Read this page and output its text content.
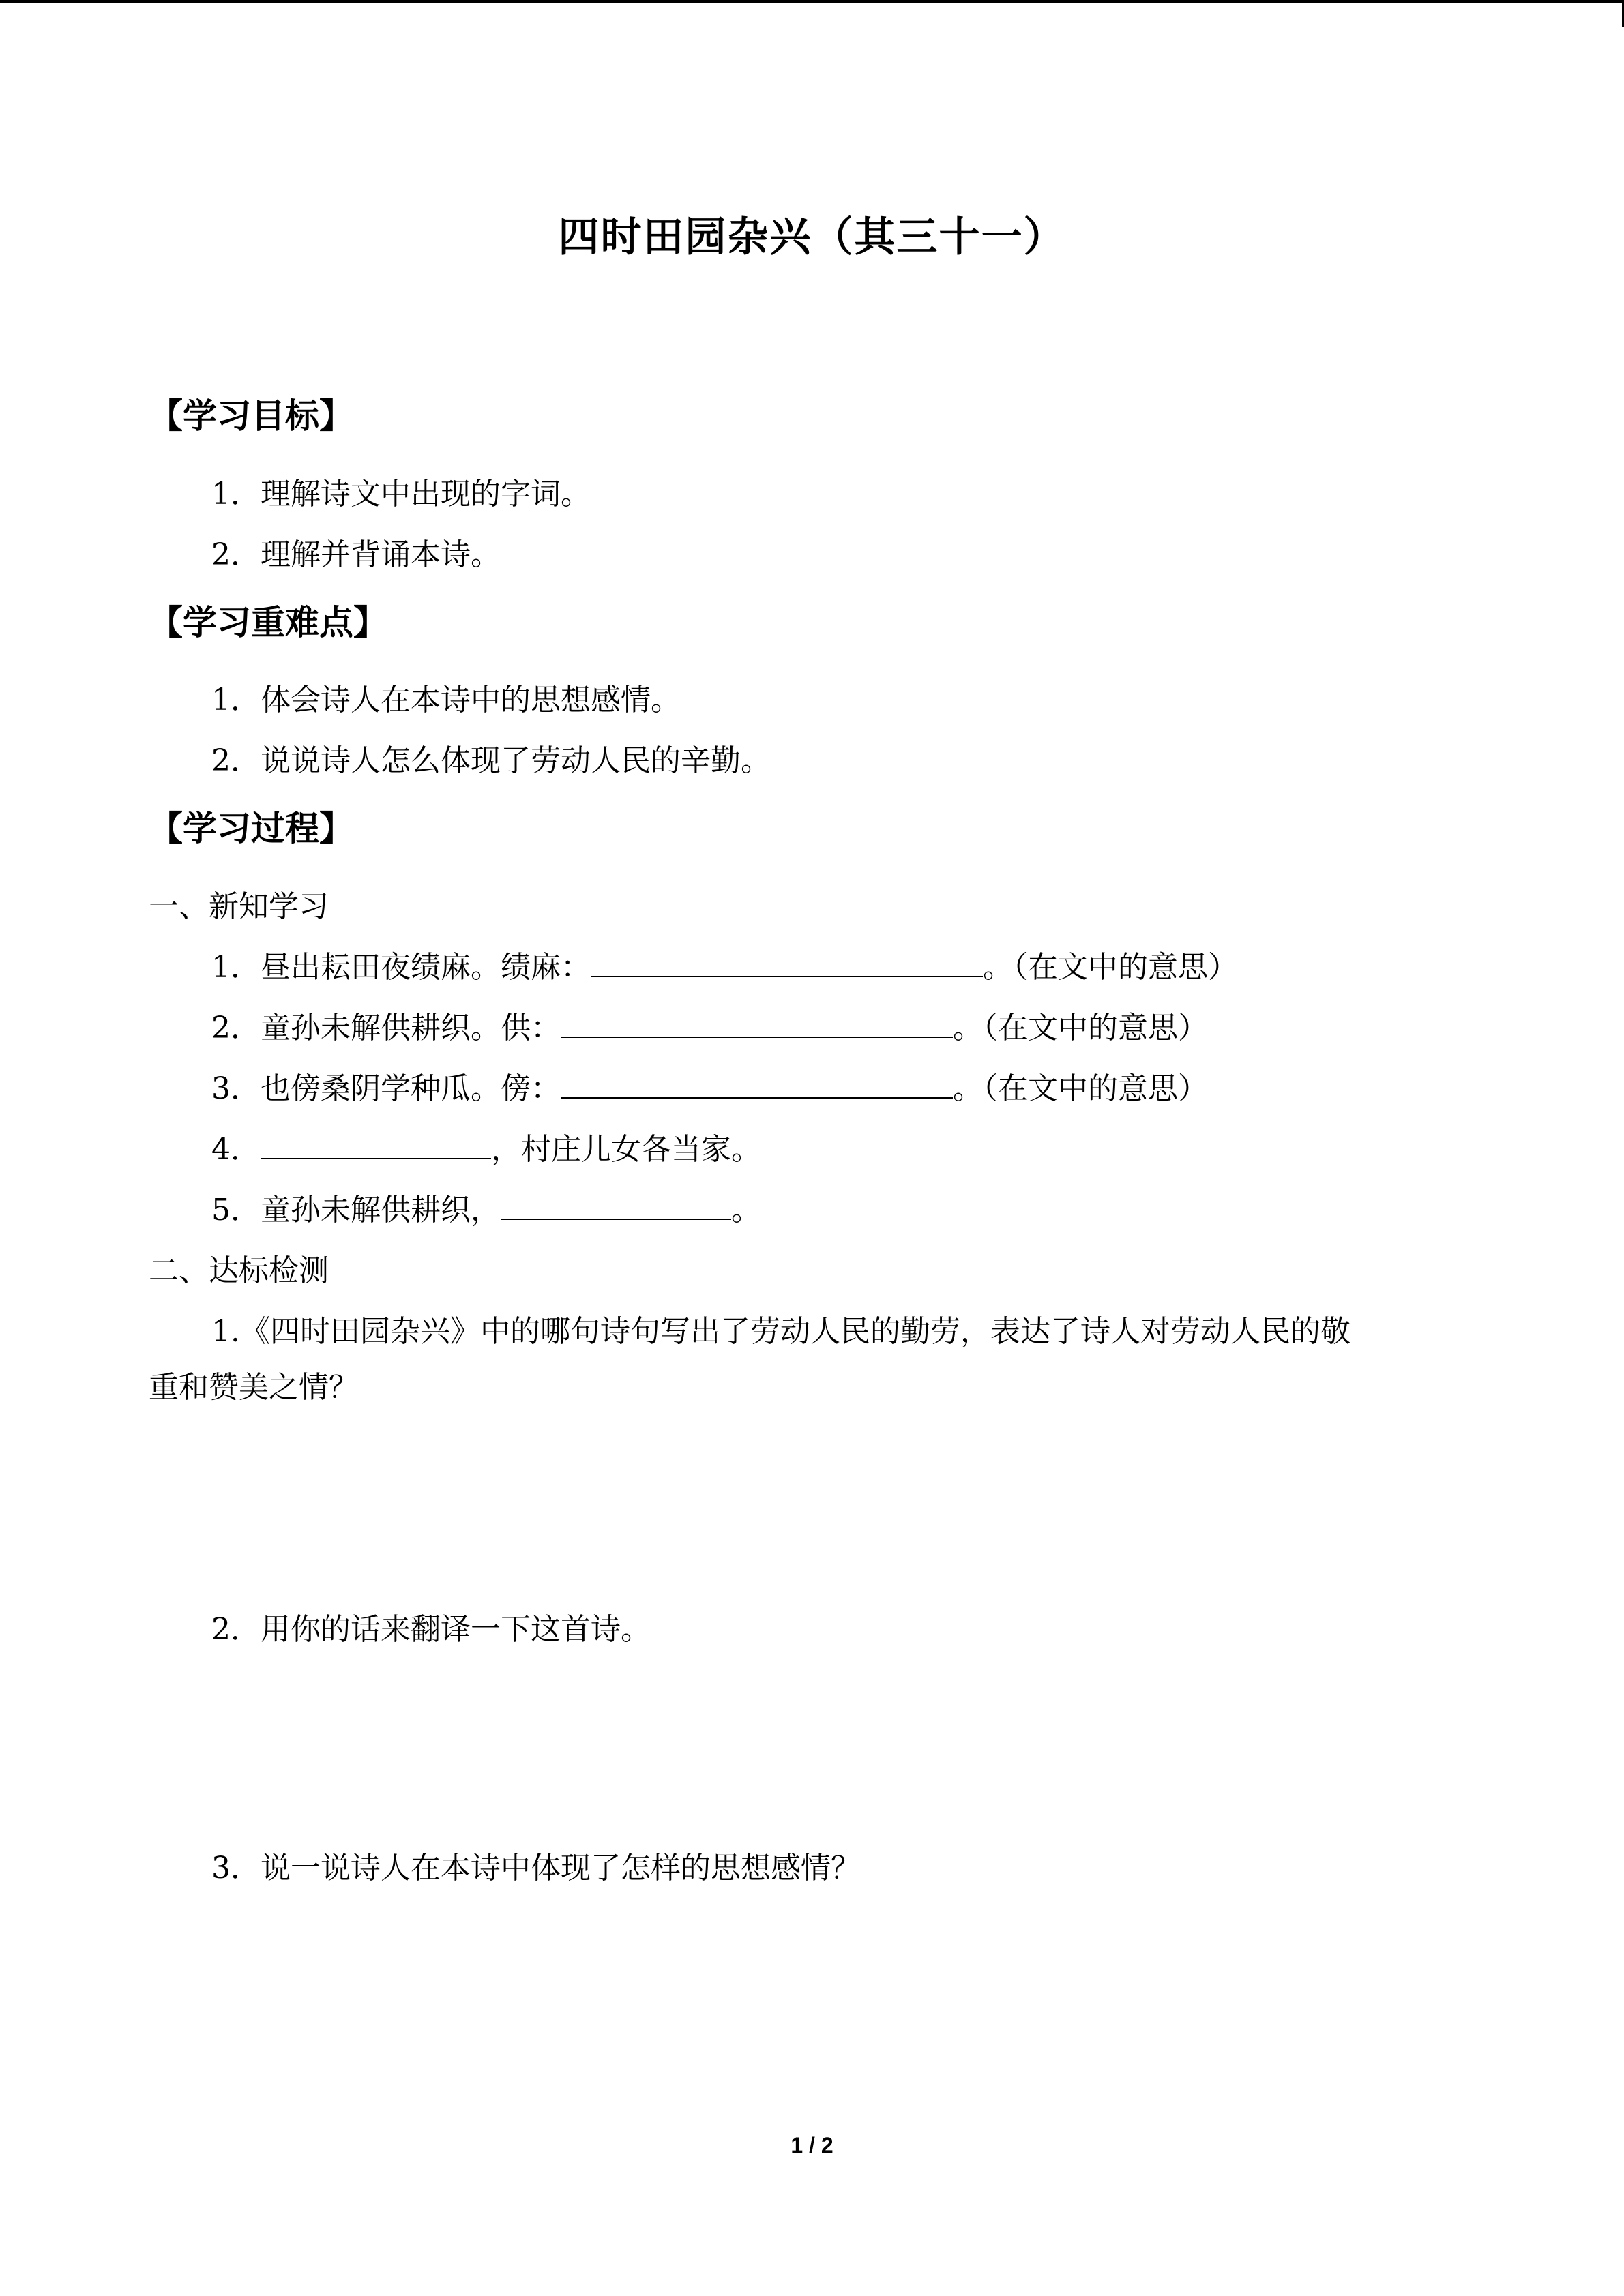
四时田园杂兴（其三十一）
【学习目标】
1．理解诗文中出现的字词。
2．理解并背诵本诗。
【学习重难点】
1．体会诗人在本诗中的思想感情。
2．说说诗人怎么体现了劳动人民的辛勤。
【学习过程】
一、新知学习
1．昼出耘田夜绩麻。绩麻：	。（在文中的意思）
2．童孙未解供耕织。供：	。（在文中的意思）
3．也傍桑阴学种瓜。傍：	。（在文中的意思）
4．	，村庄儿女各当家。
5．童孙未解供耕织，	。
二、达标检测
1.《四时田园杂兴》中的哪句诗句写出了劳动人民的勤劳，表达了诗人对劳动人民的敬
重和赞美之情？
2．用你的话来翻译一下这首诗。
3．说一说诗人在本诗中体现了怎样的思想感情？
1 / 2
